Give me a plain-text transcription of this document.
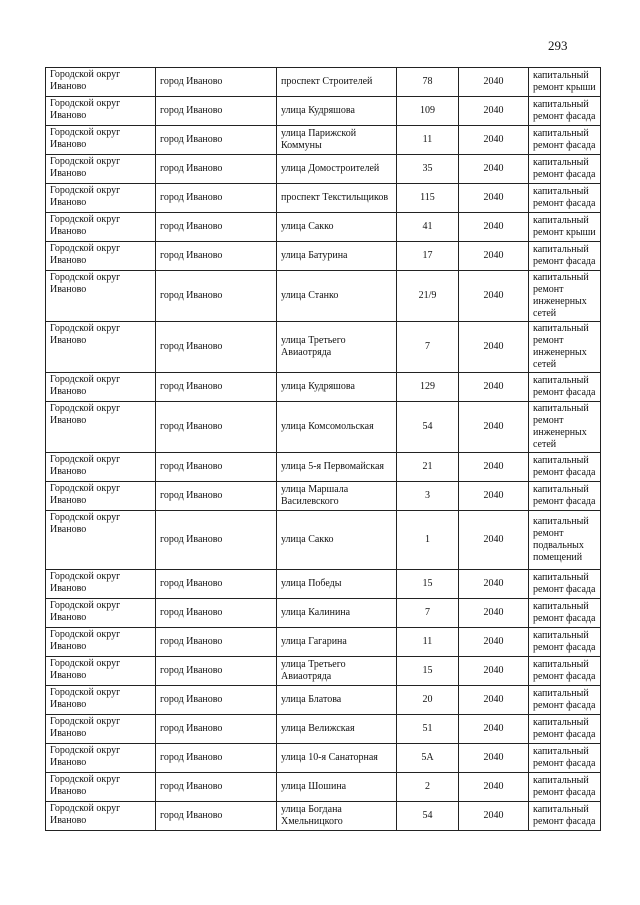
293
Городской округ Иваново	город Иваново	проспект Строителей	78	2040	капитальный ремонт крыши
Городской округ Иваново	город Иваново	улица Кудряшова	109	2040	капитальный ремонт фасада
Городской округ Иваново	город Иваново	улица Парижской Коммуны	11	2040	капитальный ремонт фасада
Городской округ Иваново	город Иваново	улица Домостроителей	35	2040	капитальный ремонт фасада
Городской округ Иваново	город Иваново	проспект Текстильщиков	115	2040	капитальный ремонт фасада
Городской округ Иваново	город Иваново	улица Сакко	41	2040	капитальный ремонт крыши
Городской округ Иваново	город Иваново	улица Батурина	17	2040	капитальный ремонт фасада
Городской округ Иваново	город Иваново	улица Станко	21/9	2040	капитальный ремонт инженерных сетей
Городской округ Иваново	город Иваново	улица Третьего Авиаотряда	7	2040	капитальный ремонт инженерных сетей
Городской округ Иваново	город Иваново	улица Кудряшова	129	2040	капитальный ремонт фасада
Городской округ Иваново	город Иваново	улица Комсомольская	54	2040	капитальный ремонт инженерных сетей
Городской округ Иваново	город Иваново	улица 5-я Первомайская	21	2040	капитальный ремонт фасада
Городской округ Иваново	город Иваново	улица Маршала Василевского	3	2040	капитальный ремонт фасада
Городской округ Иваново	город Иваново	улица Сакко	1	2040	капитальный ремонт подвальных помещений
Городской округ Иваново	город Иваново	улица Победы	15	2040	капитальный ремонт фасада
Городской округ Иваново	город Иваново	улица Калинина	7	2040	капитальный ремонт фасада
Городской округ Иваново	город Иваново	улица Гагарина	11	2040	капитальный ремонт фасада
Городской округ Иваново	город Иваново	улица Третьего Авиаотряда	15	2040	капитальный ремонт фасада
Городской округ Иваново	город Иваново	улица Блатова	20	2040	капитальный ремонт фасада
Городской округ Иваново	город Иваново	улица Велижская	51	2040	капитальный ремонт фасада
Городской округ Иваново	город Иваново	улица 10-я Санаторная	5А	2040	капитальный ремонт фасада
Городской округ Иваново	город Иваново	улица Шошина	2	2040	капитальный ремонт фасада
Городской округ Иваново	город Иваново	улица Богдана Хмельницкого	54	2040	капитальный ремонт фасада
